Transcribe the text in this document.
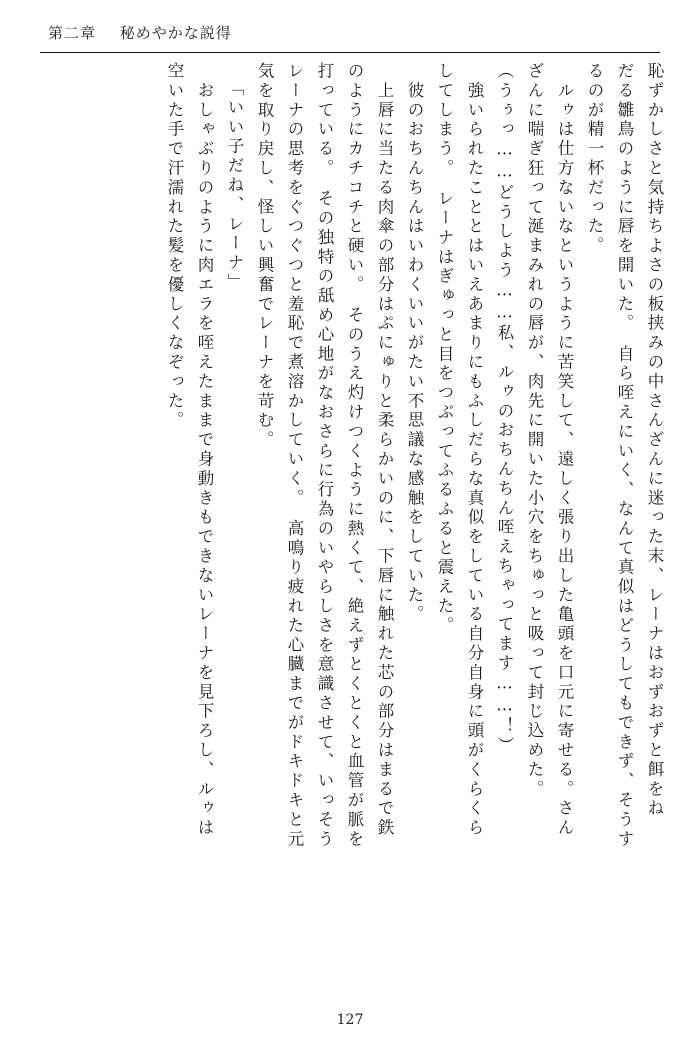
第二章 秘めやかな説得
恥ずかしさと気持ちよさの板挟みの中さんざんに迷った末、レーナはおずおずと餌をね
だる雛鳥のように唇を開いた。　自ら咥えにいく、なんて真似はどうしてもできず、そうす
るのが精一杯だった。
　ルゥは仕方ないなというように苦笑して、遠しく張り出した亀頭を口元に寄せる。さん
ざんに喘ぎ狂って涎まみれの唇が、肉先に開いた小穴をちゅっと吸って封じ込めた。
（うぅっ……どうしよう……私、ルゥのおちんちん咥えちゃってます……！）
　強いられたこととはいえあまりにもふしだらな真似をしている自分自身に頭がくらくら
してしまう。　レーナはぎゅっと目をつぶってふるふると震えた。
　彼のおちんちんはいわくいいがたい不思議な感触をしていた。
　上唇に当たる肉傘の部分はぷにゅりと柔らかいのに、下唇に触れた芯の部分はまるで鉄
のようにカチコチと硬い。　そのうえ灼けつくように熱くて、絶えずとくとくと血管が脈を
打っている。　その独特の舐め心地がなおさらに行為のいやらしさを意識させて、いっそう
レーナの思考をぐつぐつと羞恥で煮溶かしていく。　高鳴り疲れた心臓までがドキドキと元
気を取り戻し、怪しい興奮でレーナを苛む。
「いい子だね、レーナ」
　おしゃぶりのように肉エラを咥えたままで身動きもできないレーナを見下ろし、ルゥは
空いた手で汗濡れた髪を優しくなぞった。
127
